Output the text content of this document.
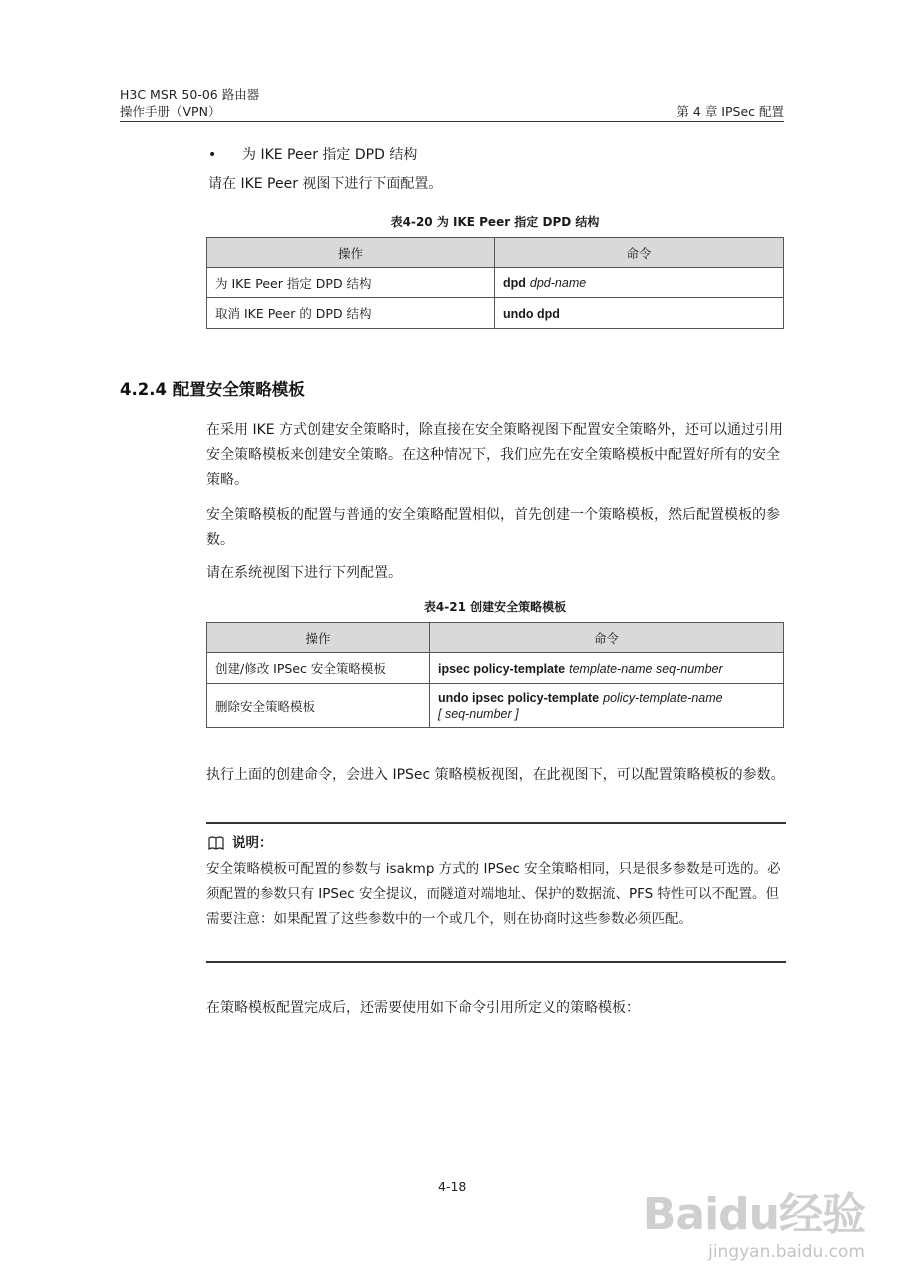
H3C MSR 50-06 路由器
操作手册（VPN）	第 4 章 IPSec 配置
• 为 IKE Peer 指定 DPD 结构
请在 IKE Peer 视图下进行下面配置。
表4-20 为 IKE Peer 指定 DPD 结构
操作	命令
为 IKE Peer 指定 DPD 结构	dpd dpd-name
取消 IKE Peer 的 DPD 结构	undo dpd
4.2.4 配置安全策略模板
在采用 IKE 方式创建安全策略时，除直接在安全策略视图下配置安全策略外，还可以通过引用安全策略模板来创建安全策略。在这种情况下，我们应先在安全策略模板中配置好所有的安全策略。
安全策略模板的配置与普通的安全策略配置相似，首先创建一个策略模板，然后配置模板的参数。
请在系统视图下进行下列配置。
表4-21 创建安全策略模板
操作	命令
创建/修改 IPSec 安全策略模板	ipsec policy-template template-name seq-number
删除安全策略模板	undo ipsec policy-template policy-template-name
[ seq-number ]
执行上面的创建命令，会进入 IPSec 策略模板视图，在此视图下，可以配置策略模板的参数。
说明：
安全策略模板可配置的参数与 isakmp 方式的 IPSec 安全策略相同，只是很多参数是可选的。必须配置的参数只有 IPSec 安全提议，而隧道对端地址、保护的数据流、PFS 特性可以不配置。但需要注意：如果配置了这些参数中的一个或几个，则在协商时这些参数必须匹配。
在策略模板配置完成后，还需要使用如下命令引用所定义的策略模板：
4-18
Baidu经验
jingyan.baidu.com
